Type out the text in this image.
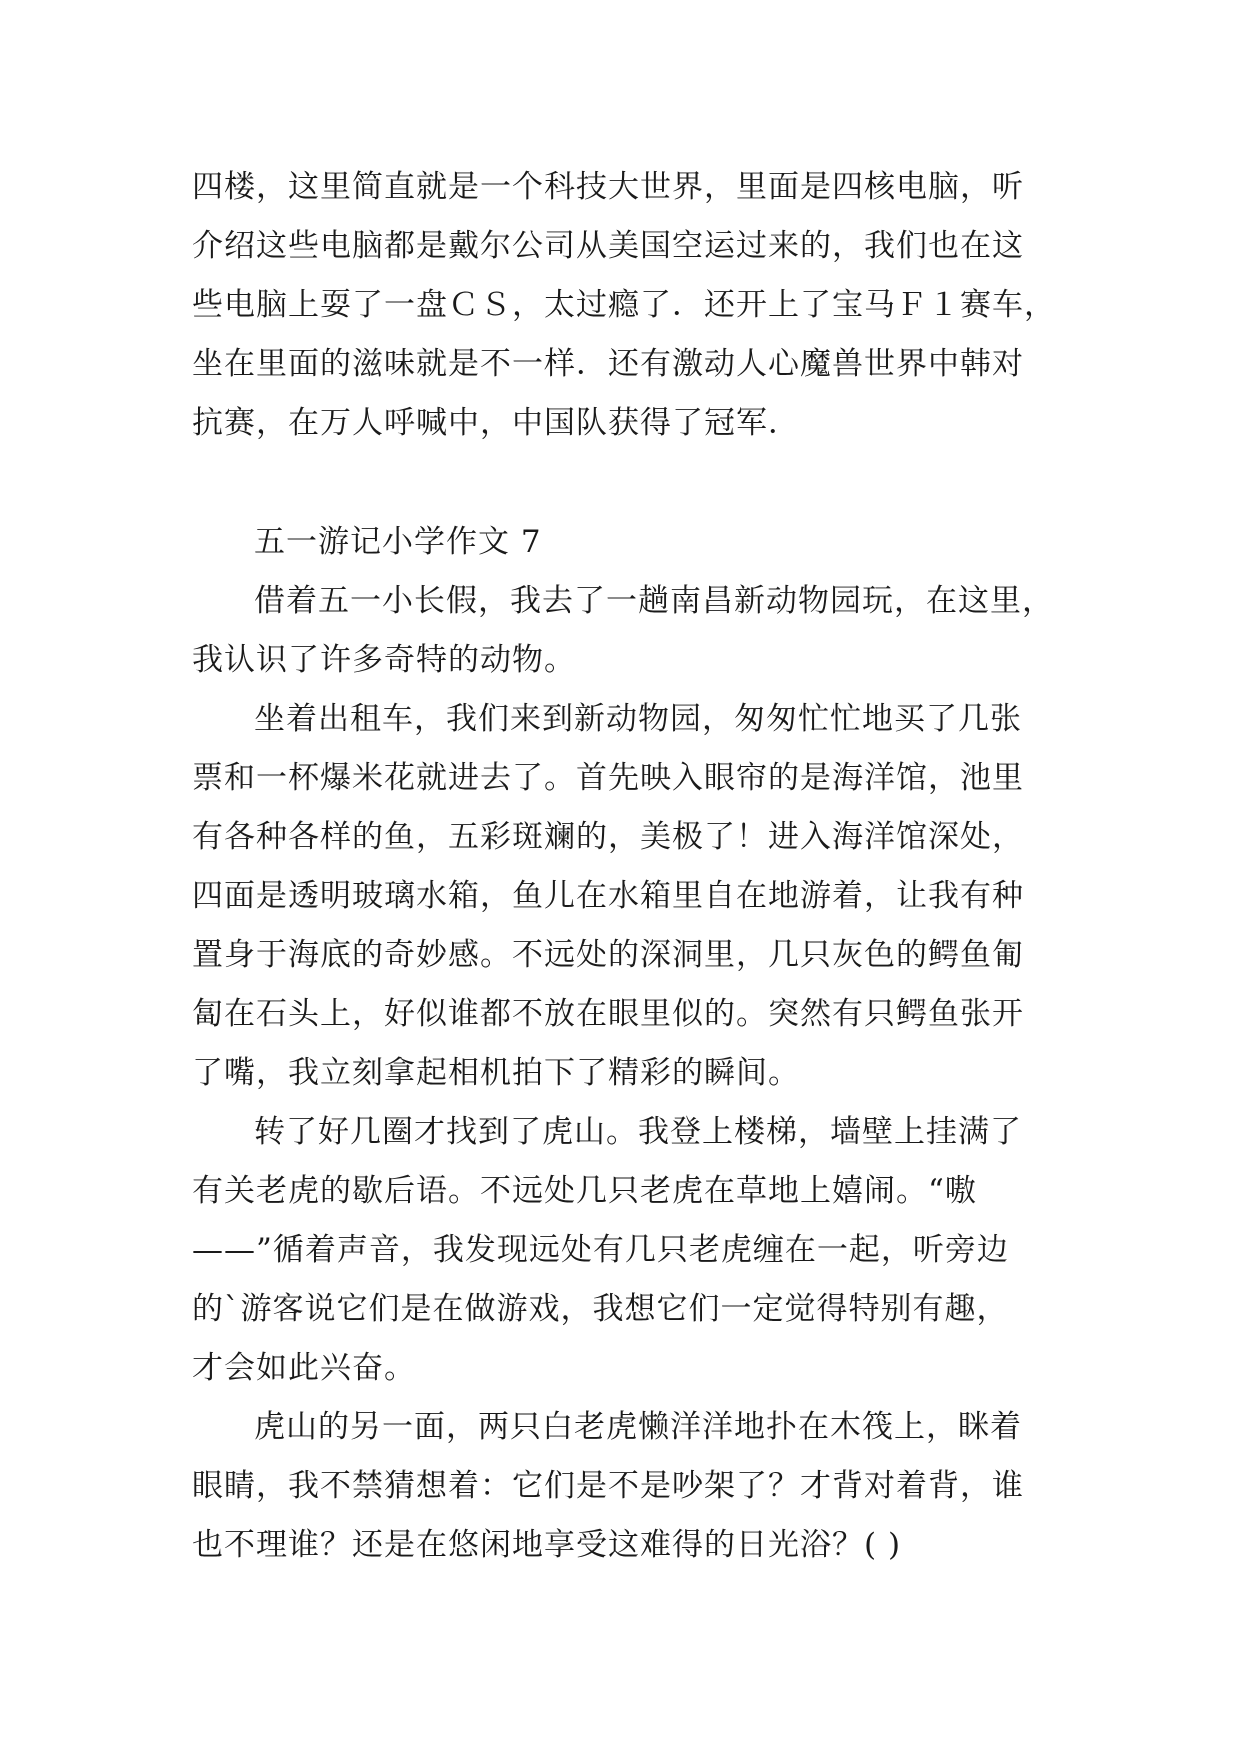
四楼，这里简直就是一个科技大世界，里面是四核电脑，听
介绍这些电脑都是戴尔公司从美国空运过来的，我们也在这
些电脑上耍了一盘ＣＳ，太过瘾了．还开上了宝马Ｆ１赛车，
坐在里面的滋味就是不一样．还有激动人心魔兽世界中韩对
抗赛，在万人呼喊中，中国队获得了冠军．
五一游记小学作文 7
借着五一小长假，我去了一趟南昌新动物园玩，在这里，
我认识了许多奇特的动物。
坐着出租车，我们来到新动物园，匆匆忙忙地买了几张
票和一杯爆米花就进去了。首先映入眼帘的是海洋馆，池里
有各种各样的鱼，五彩斑斓的，美极了！进入海洋馆深处，
四面是透明玻璃水箱，鱼儿在水箱里自在地游着，让我有种
置身于海底的奇妙感。不远处的深洞里，几只灰色的鳄鱼匍
匐在石头上，好似谁都不放在眼里似的。突然有只鳄鱼张开
了嘴，我立刻拿起相机拍下了精彩的瞬间。
转了好几圈才找到了虎山。我登上楼梯，墙壁上挂满了
有关老虎的歇后语。不远处几只老虎在草地上嬉闹。“嗷
——”循着声音，我发现远处有几只老虎缠在一起，听旁边
的`游客说它们是在做游戏，我想它们一定觉得特别有趣，
才会如此兴奋。
虎山的另一面，两只白老虎懒洋洋地扑在木筏上，眯着
眼睛，我不禁猜想着：它们是不是吵架了？才背对着背，谁
也不理谁？还是在悠闲地享受这难得的日光浴？( )
